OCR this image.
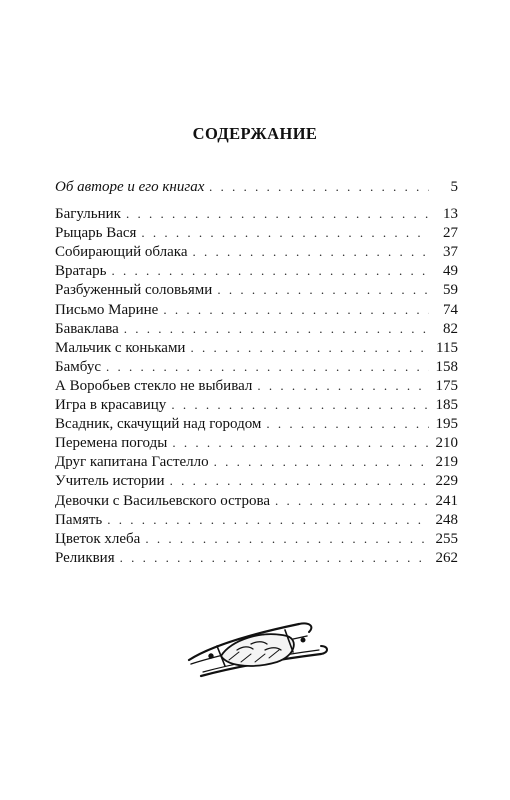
СОДЕРЖАНИЕ
Об авторе и его книгах . . .	5
Багульник . . .	13
Рыцарь Вася . . .	27
Собирающий облака . . .	37
Вратарь . . .	49
Разбуженный соловьями . . .	59
Письмо Марине . . .	74
Баваклава . . .	82
Мальчик с коньками . . .	115
Бамбус . . .	158
А Воробьев стекло не выбивал . . .	175
Игра в красавицу . . .	185
Всадник, скачущий над городом . . .	195
Перемена погоды . . .	210
Друг капитана Гастелло . . .	219
Учитель истории . . .	229
Девочки с Васильевского острова . . .	241
Память . . .	248
Цветок хлеба . . .	255
Реликвия . . .	262
